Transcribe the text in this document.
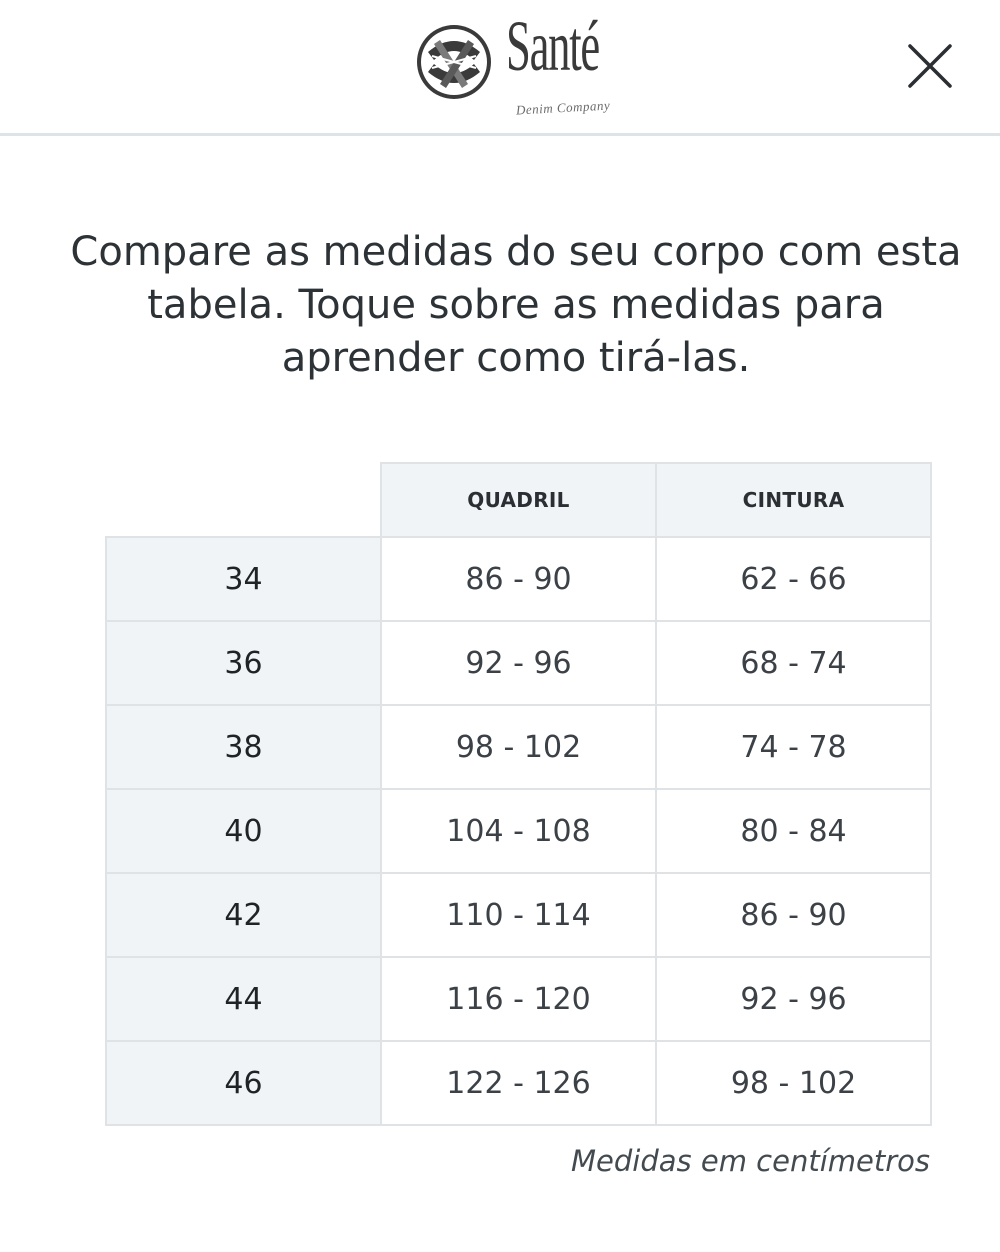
Santé
Denim Company
Compare as medidas do seu corpo com esta tabela. Toque sobre as medidas para aprender como tirá-las.
	QUADRIL	CINTURA
34	86 - 90	62 - 66
36	92 - 96	68 - 74
38	98 - 102	74 - 78
40	104 - 108	80 - 84
42	110 - 114	86 - 90
44	116 - 120	92 - 96
46	122 - 126	98 - 102
Medidas em centímetros
